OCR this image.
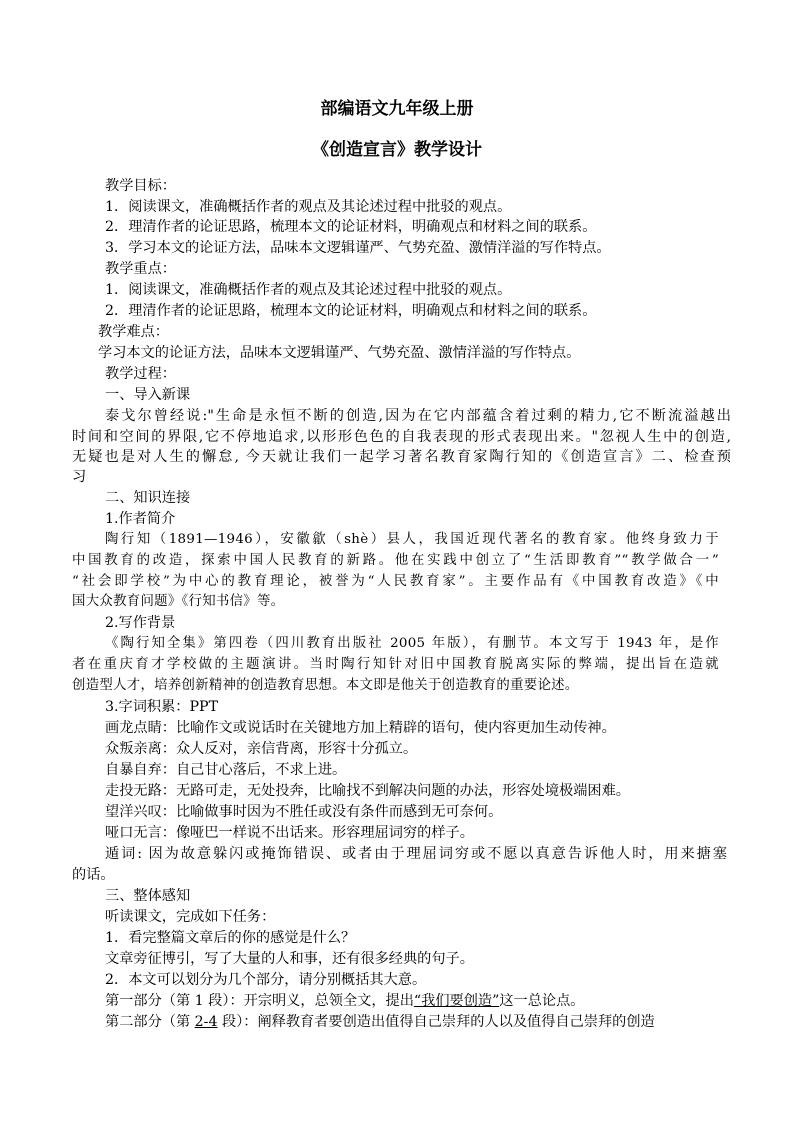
部编语文九年级上册
《创造宣言》教学设计
教学目标：
1．阅读课文，准确概括作者的观点及其论述过程中批驳的观点。
2．理清作者的论证思路，梳理本文的论证材料，明确观点和材料之间的联系。
3．学习本文的论证方法，品味本文逻辑谨严、气势充盈、激情洋溢的写作特点。
教学重点：
1．阅读课文，准确概括作者的观点及其论述过程中批驳的观点。
2．理清作者的论证思路，梳理本文的论证材料，明确观点和材料之间的联系。
教学难点：
学习本文的论证方法，品味本文逻辑谨严、气势充盈、激情洋溢的写作特点。
教学过程：
一、导入新课
泰戈尔曾经说:"生命是永恒不断的创造,因为在它内部蕴含着过剩的精力,它不断流溢越出
时间和空间的界限,它不停地追求,以形形色色的自我表现的形式表现出来。"忽视人生中的创造,
无疑也是对人生的懈怠, 今天就让我们一起学习著名教育家陶行知的《创造宣言》二、检查预
习
二、知识连接
1.作者简介
陶行知（1891—1946），安徽歙（shè）县人，我国近现代著名的教育家。他终身致力于
中国教育的改造，探索中国人民教育的新路。他在实践中创立了“生活即教育”“教学做合一”
“社会即学校”为中心的教育理论，被誉为“人民教育家”。主要作品有《中国教育改造》《中
国大众教育问题》《行知书信》等。
2.写作背景
《陶行知全集》第四卷（四川教育出版社 2005 年版），有删节。本文写于 1943 年，是作
者在重庆育才学校做的主题演讲。当时陶行知针对旧中国教育脱离实际的弊端，提出旨在造就
创造型人才，培养创新精神的创造教育思想。本文即是他关于创造教育的重要论述。
3.字词积累：PPT
画龙点睛：比喻作文或说话时在关键地方加上精辟的语句，使内容更加生动传神。
众叛亲离：众人反对，亲信背离，形容十分孤立。
自暴自弃：自己甘心落后，不求上进。
走投无路：无路可走，无处投奔，比喻找不到解决问题的办法，形容处境极端困难。
望洋兴叹：比喻做事时因为不胜任或没有条件而感到无可奈何。
哑口无言：像哑巴一样说不出话来。形容理屈词穷的样子。
遁词: 因为故意躲闪或掩饰错误、或者由于理屈词穷或不愿以真意告诉他人时，用来搪塞
的话。
三、整体感知
听读课文，完成如下任务：
1．看完整篇文章后的你的感觉是什么？
文章旁征博引，写了大量的人和事，还有很多经典的句子。
2．本文可以划分为几个部分，请分别概括其大意。
第一部分（第 1 段）：开宗明义，总领全文，提出“我们要创造”这一总论点。
第二部分（第 2-4 段）：阐释教育者要创造出值得自己崇拜的人以及值得自己崇拜的创造
